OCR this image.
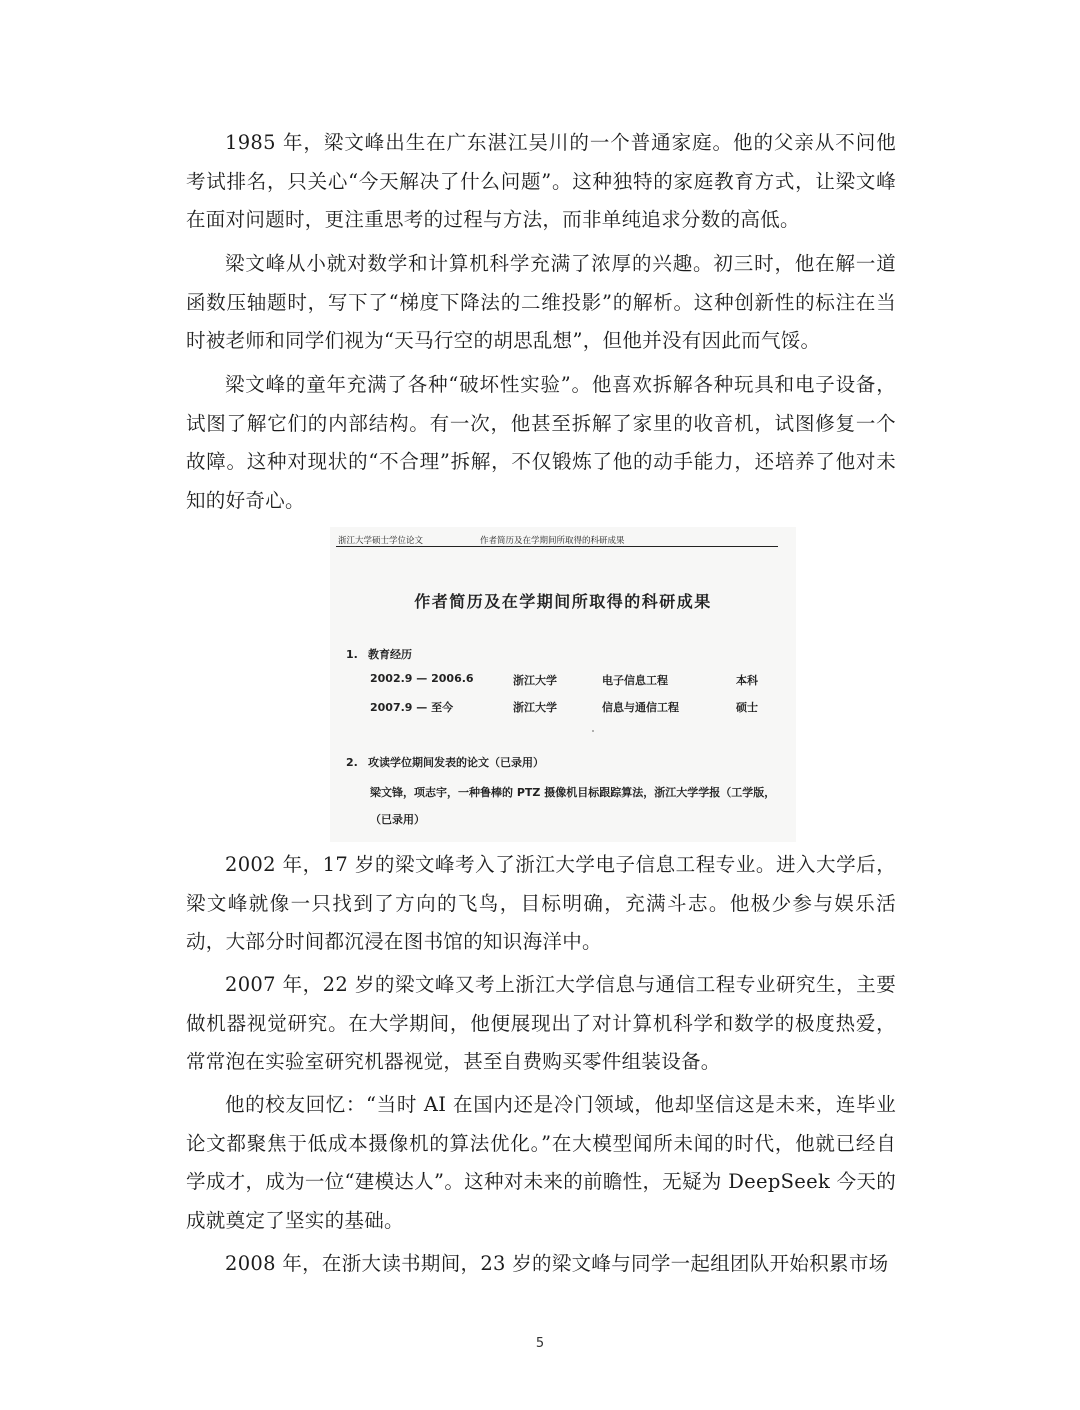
1985 年，梁文峰出生在广东湛江吴川的一个普通家庭。他的父亲从不问他考试排名，只关心“今天解决了什么问题”。这种独特的家庭教育方式，让梁文峰在面对问题时，更注重思考的过程与方法，而非单纯追求分数的高低。

梁文峰从小就对数学和计算机科学充满了浓厚的兴趣。初三时，他在解一道函数压轴题时，写下了“梯度下降法的二维投影”的解析。这种创新性的标注在当时被老师和同学们视为“天马行空的胡思乱想”，但他并没有因此而气馁。

梁文峰的童年充满了各种“破坏性实验”。他喜欢拆解各种玩具和电子设备，试图了解它们的内部结构。有一次，他甚至拆解了家里的收音机，试图修复一个故障。这种对现状的“不合理”拆解，不仅锻炼了他的动手能力，还培养了他对未知的好奇心。

浙江大学硕士学位论文	作者简历及在学期间所取得的科研成果
作者简历及在学期间所取得的科研成果
1. 教育经历
2002.9 — 2006.6	浙江大学	电子信息工程	本科
2007.9 — 至今	浙江大学	信息与通信工程	硕士
2. 攻读学位期间发表的论文（已录用）
梁文锋，项志宇，一种鲁棒的 PTZ 摄像机目标跟踪算法，浙江大学学报（工学版，（已录用）

2002 年，17 岁的梁文峰考入了浙江大学电子信息工程专业。进入大学后，梁文峰就像一只找到了方向的飞鸟，目标明确，充满斗志。他极少参与娱乐活动，大部分时间都沉浸在图书馆的知识海洋中。

2007 年，22 岁的梁文峰又考上浙江大学信息与通信工程专业研究生，主要做机器视觉研究。在大学期间，他便展现出了对计算机科学和数学的极度热爱，常常泡在实验室研究机器视觉，甚至自费购买零件组装设备。

他的校友回忆：“当时 AI 在国内还是冷门领域，他却坚信这是未来，连毕业论文都聚焦于低成本摄像机的算法优化。”在大模型闻所未闻的时代，他就已经自学成才，成为一位“建模达人”。这种对未来的前瞻性，无疑为 DeepSeek 今天的成就奠定了坚实的基础。

2008 年，在浙大读书期间，23 岁的梁文峰与同学一起组团队开始积累市场

5
